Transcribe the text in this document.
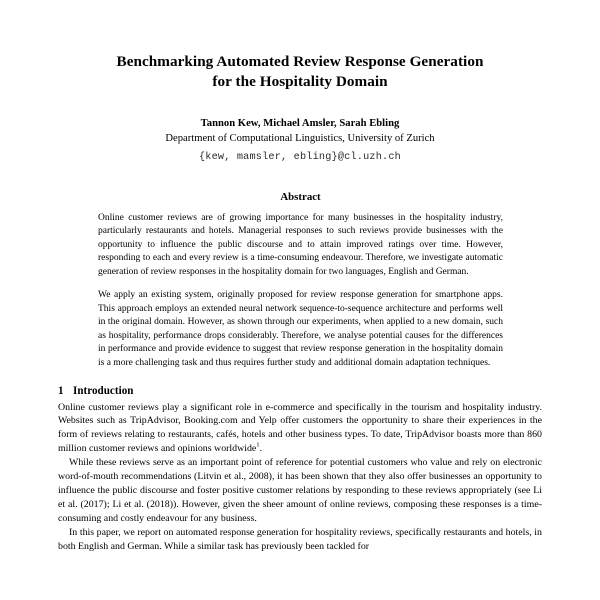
Benchmarking Automated Review Response Generation
for the Hospitality Domain
Tannon Kew, Michael Amsler, Sarah Ebling
Department of Computational Linguistics, University of Zurich
{kew, mamsler, ebling}@cl.uzh.ch
Abstract

Online customer reviews are of growing importance for many businesses in the hospitality industry, particularly restaurants and hotels. Managerial responses to such reviews provide businesses with the opportunity to influence the public discourse and to attain improved ratings over time. However, responding to each and every review is a time-consuming endeavour. Therefore, we investigate automatic generation of review responses in the hospitality domain for two languages, English and German.

We apply an existing system, originally proposed for review response generation for smartphone apps. This approach employs an extended neural network sequence-to-sequence architecture and performs well in the original domain. However, as shown through our experiments, when applied to a new domain, such as hospitality, performance drops considerably. Therefore, we analyse potential causes for the differences in performance and provide evidence to suggest that review response generation in the hospitality domain is a more challenging task and thus requires further study and additional domain adaptation techniques.

1 Introduction

Online customer reviews play a significant role in e-commerce and specifically in the tourism and hospitality industry. Websites such as TripAdvisor, Booking.com and Yelp offer customers the opportunity to share their experiences in the form of reviews relating to restaurants, cafés, hotels and other business types. To date, TripAdvisor boasts more than 860 million customer reviews and opinions worldwide$^1$.

While these reviews serve as an important point of reference for potential customers who value and rely on electronic word-of-mouth recommendations (Litvin et al., 2008), it has been shown that they also offer businesses an opportunity to influence the public discourse and foster positive customer relations by responding to these reviews appropriately (see Li et al. (2017); Li et al. (2018)). However, given the sheer amount of online reviews, composing these responses is a time-consuming and costly endeavour for any business.

In this paper, we report on automated response generation for hospitality reviews, specifically restaurants and hotels, in both English and German. While a similar task has previously been tackled for
